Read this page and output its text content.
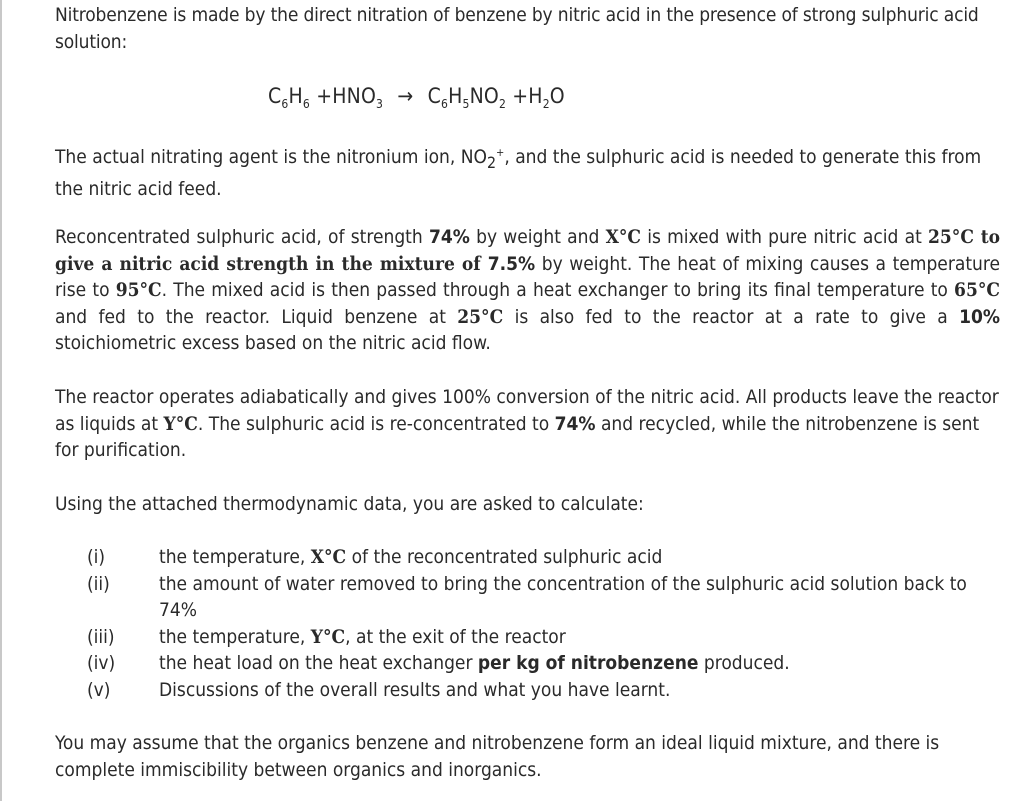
Nitrobenzene is made by the direct nitration of benzene by nitric acid in the presence of strong sulphuric acid solution:

$C_6H_6 +HNO_3 \to C_6H_5NO_2 +H_2O$

The actual nitrating agent is the nitronium ion, $NO_2^+$, and the sulphuric acid is needed to generate this from the nitric acid feed.

Reconcentrated sulphuric acid, of strength 74% by weight and X°C is mixed with pure nitric acid at 25°C to give a nitric acid strength in the mixture of 7.5% by weight. The heat of mixing causes a temperature rise to 95°C. The mixed acid is then passed through a heat exchanger to bring its final temperature to 65°C and fed to the reactor. Liquid benzene at 25°C is also fed to the reactor at a rate to give a 10% stoichiometric excess based on the nitric acid flow.

The reactor operates adiabatically and gives 100% conversion of the nitric acid. All products leave the reactor as liquids at Y°C. The sulphuric acid is re-concentrated to 74% and recycled, while the nitrobenzene is sent for purification.

Using the attached thermodynamic data, you are asked to calculate:

(i)	the temperature, X°C of the reconcentrated sulphuric acid
(ii)	the amount of water removed to bring the concentration of the sulphuric acid solution back to 74%
(iii)	the temperature, Y°C, at the exit of the reactor
(iv)	the heat load on the heat exchanger per kg of nitrobenzene produced.
(v)	Discussions of the overall results and what you have learnt.

You may assume that the organics benzene and nitrobenzene form an ideal liquid mixture, and there is complete immiscibility between organics and inorganics.
